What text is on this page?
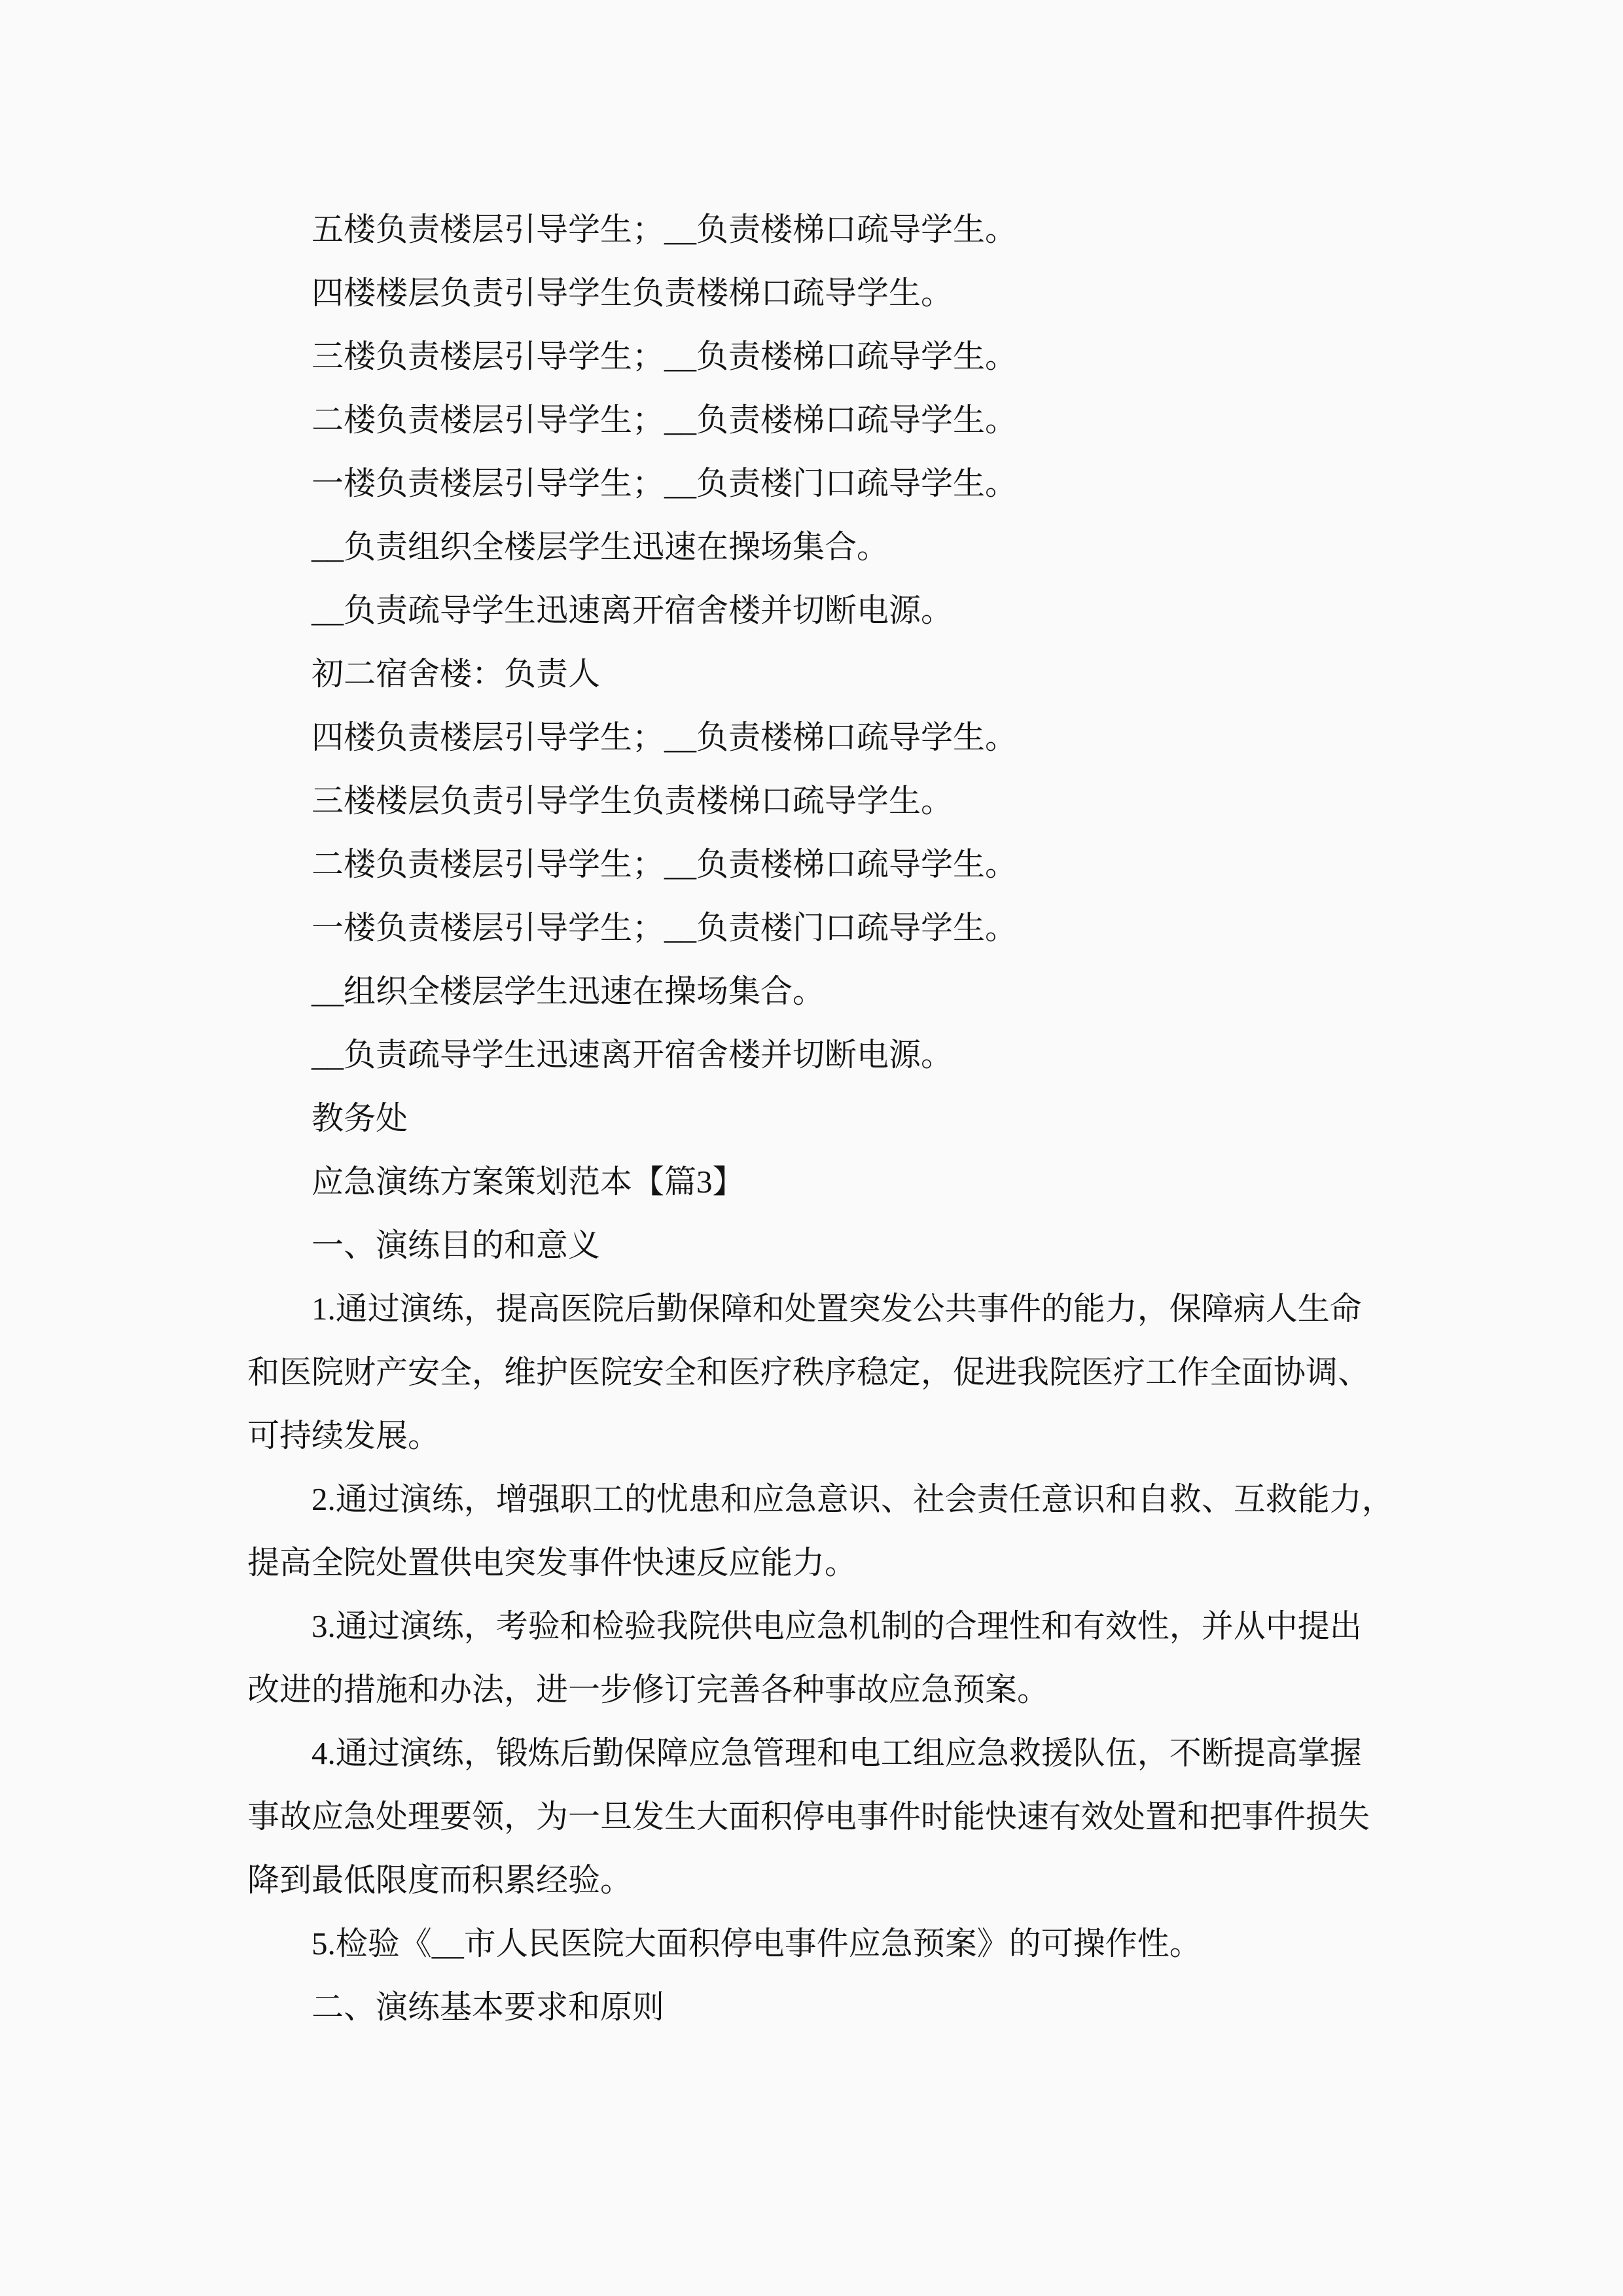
五楼负责楼层引导学生；__负责楼梯口疏导学生。
四楼楼层负责引导学生负责楼梯口疏导学生。
三楼负责楼层引导学生；__负责楼梯口疏导学生。
二楼负责楼层引导学生；__负责楼梯口疏导学生。
一楼负责楼层引导学生；__负责楼门口疏导学生。
__负责组织全楼层学生迅速在操场集合。
__负责疏导学生迅速离开宿舍楼并切断电源。
初二宿舍楼：负责人
四楼负责楼层引导学生；__负责楼梯口疏导学生。
三楼楼层负责引导学生负责楼梯口疏导学生。
二楼负责楼层引导学生；__负责楼梯口疏导学生。
一楼负责楼层引导学生；__负责楼门口疏导学生。
__组织全楼层学生迅速在操场集合。
__负责疏导学生迅速离开宿舍楼并切断电源。
教务处
应急演练方案策划范本【篇3】
一、演练目的和意义
1.通过演练，提高医院后勤保障和处置突发公共事件的能力，保障病人生命
和医院财产安全，维护医院安全和医疗秩序稳定，促进我院医疗工作全面协调、
可持续发展。
2.通过演练，增强职工的忧患和应急意识、社会责任意识和自救、互救能力，
提高全院处置供电突发事件快速反应能力。
3.通过演练，考验和检验我院供电应急机制的合理性和有效性，并从中提出
改进的措施和办法，进一步修订完善各种事故应急预案。
4.通过演练，锻炼后勤保障应急管理和电工组应急救援队伍，不断提高掌握
事故应急处理要领，为一旦发生大面积停电事件时能快速有效处置和把事件损失
降到最低限度而积累经验。
5.检验《__市人民医院大面积停电事件应急预案》的可操作性。
二、演练基本要求和原则
